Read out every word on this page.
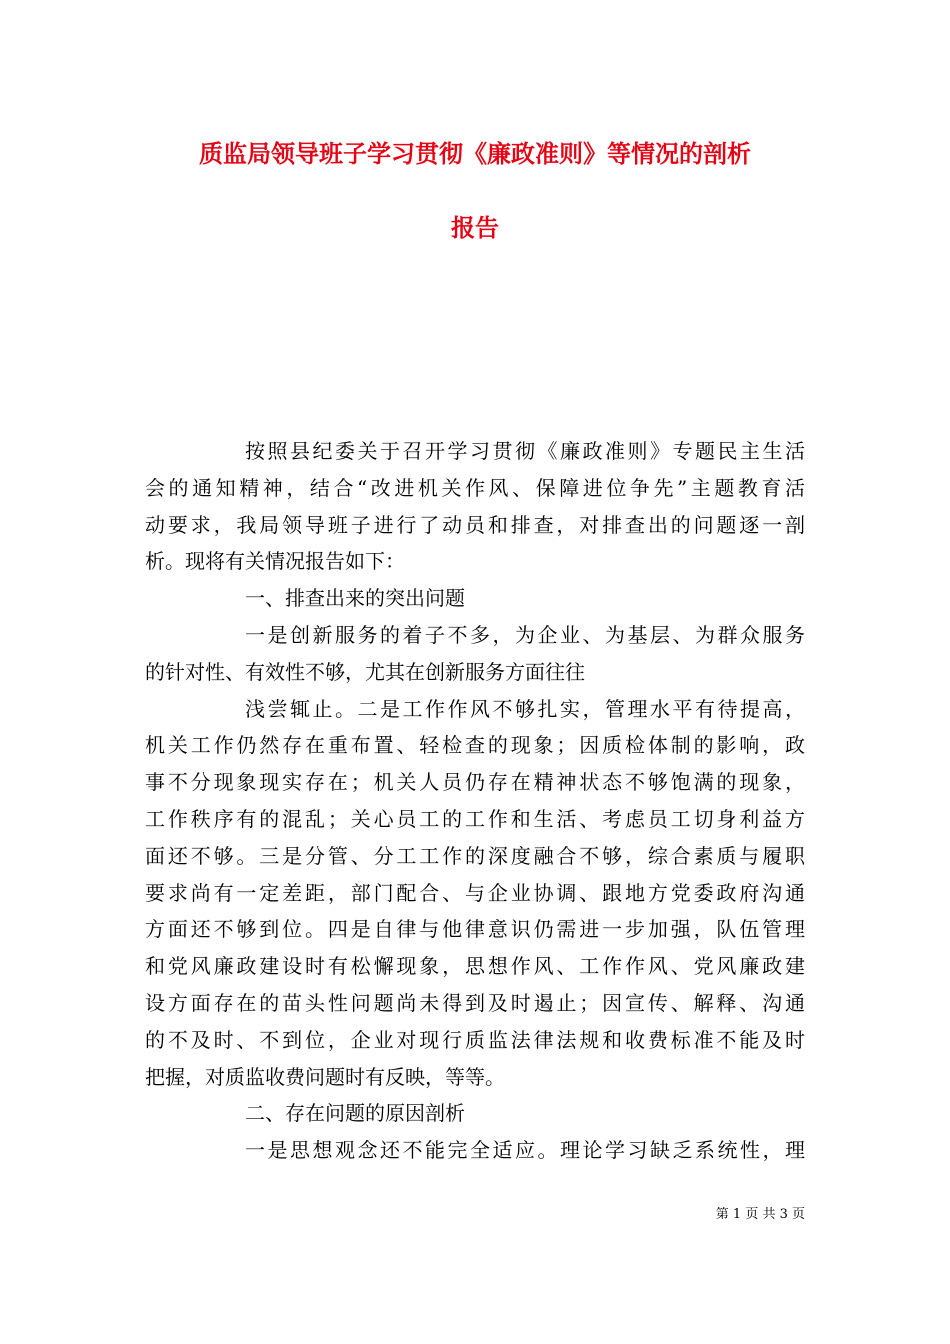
质监局领导班子学习贯彻《廉政准则》等情况的剖析
报告
按照县纪委关于召开学习贯彻《廉政准则》专题民主生活
会的通知精神，结合“改进机关作风、保障进位争先”主题教育活
动要求，我局领导班子进行了动员和排查，对排查出的问题逐一剖
析。现将有关情况报告如下：
一、排查出来的突出问题
一是创新服务的着子不多，为企业、为基层、为群众服务
的针对性、有效性不够，尤其在创新服务方面往往
浅尝辄止。二是工作作风不够扎实，管理水平有待提高，
机关工作仍然存在重布置、轻检查的现象；因质检体制的影响，政
事不分现象现实存在；机关人员仍存在精神状态不够饱满的现象，
工作秩序有的混乱；关心员工的工作和生活、考虑员工切身利益方
面还不够。三是分管、分工工作的深度融合不够，综合素质与履职
要求尚有一定差距，部门配合、与企业协调、跟地方党委政府沟通
方面还不够到位。四是自律与他律意识仍需进一步加强，队伍管理
和党风廉政建设时有松懈现象，思想作风、工作作风、党风廉政建
设方面存在的苗头性问题尚未得到及时遏止；因宣传、解释、沟通
的不及时、不到位，企业对现行质监法律法规和收费标准不能及时
把握，对质监收费问题时有反映，等等。
二、存在问题的原因剖析
一是思想观念还不能完全适应。理论学习缺乏系统性，理
第 1 页 共 3 页
